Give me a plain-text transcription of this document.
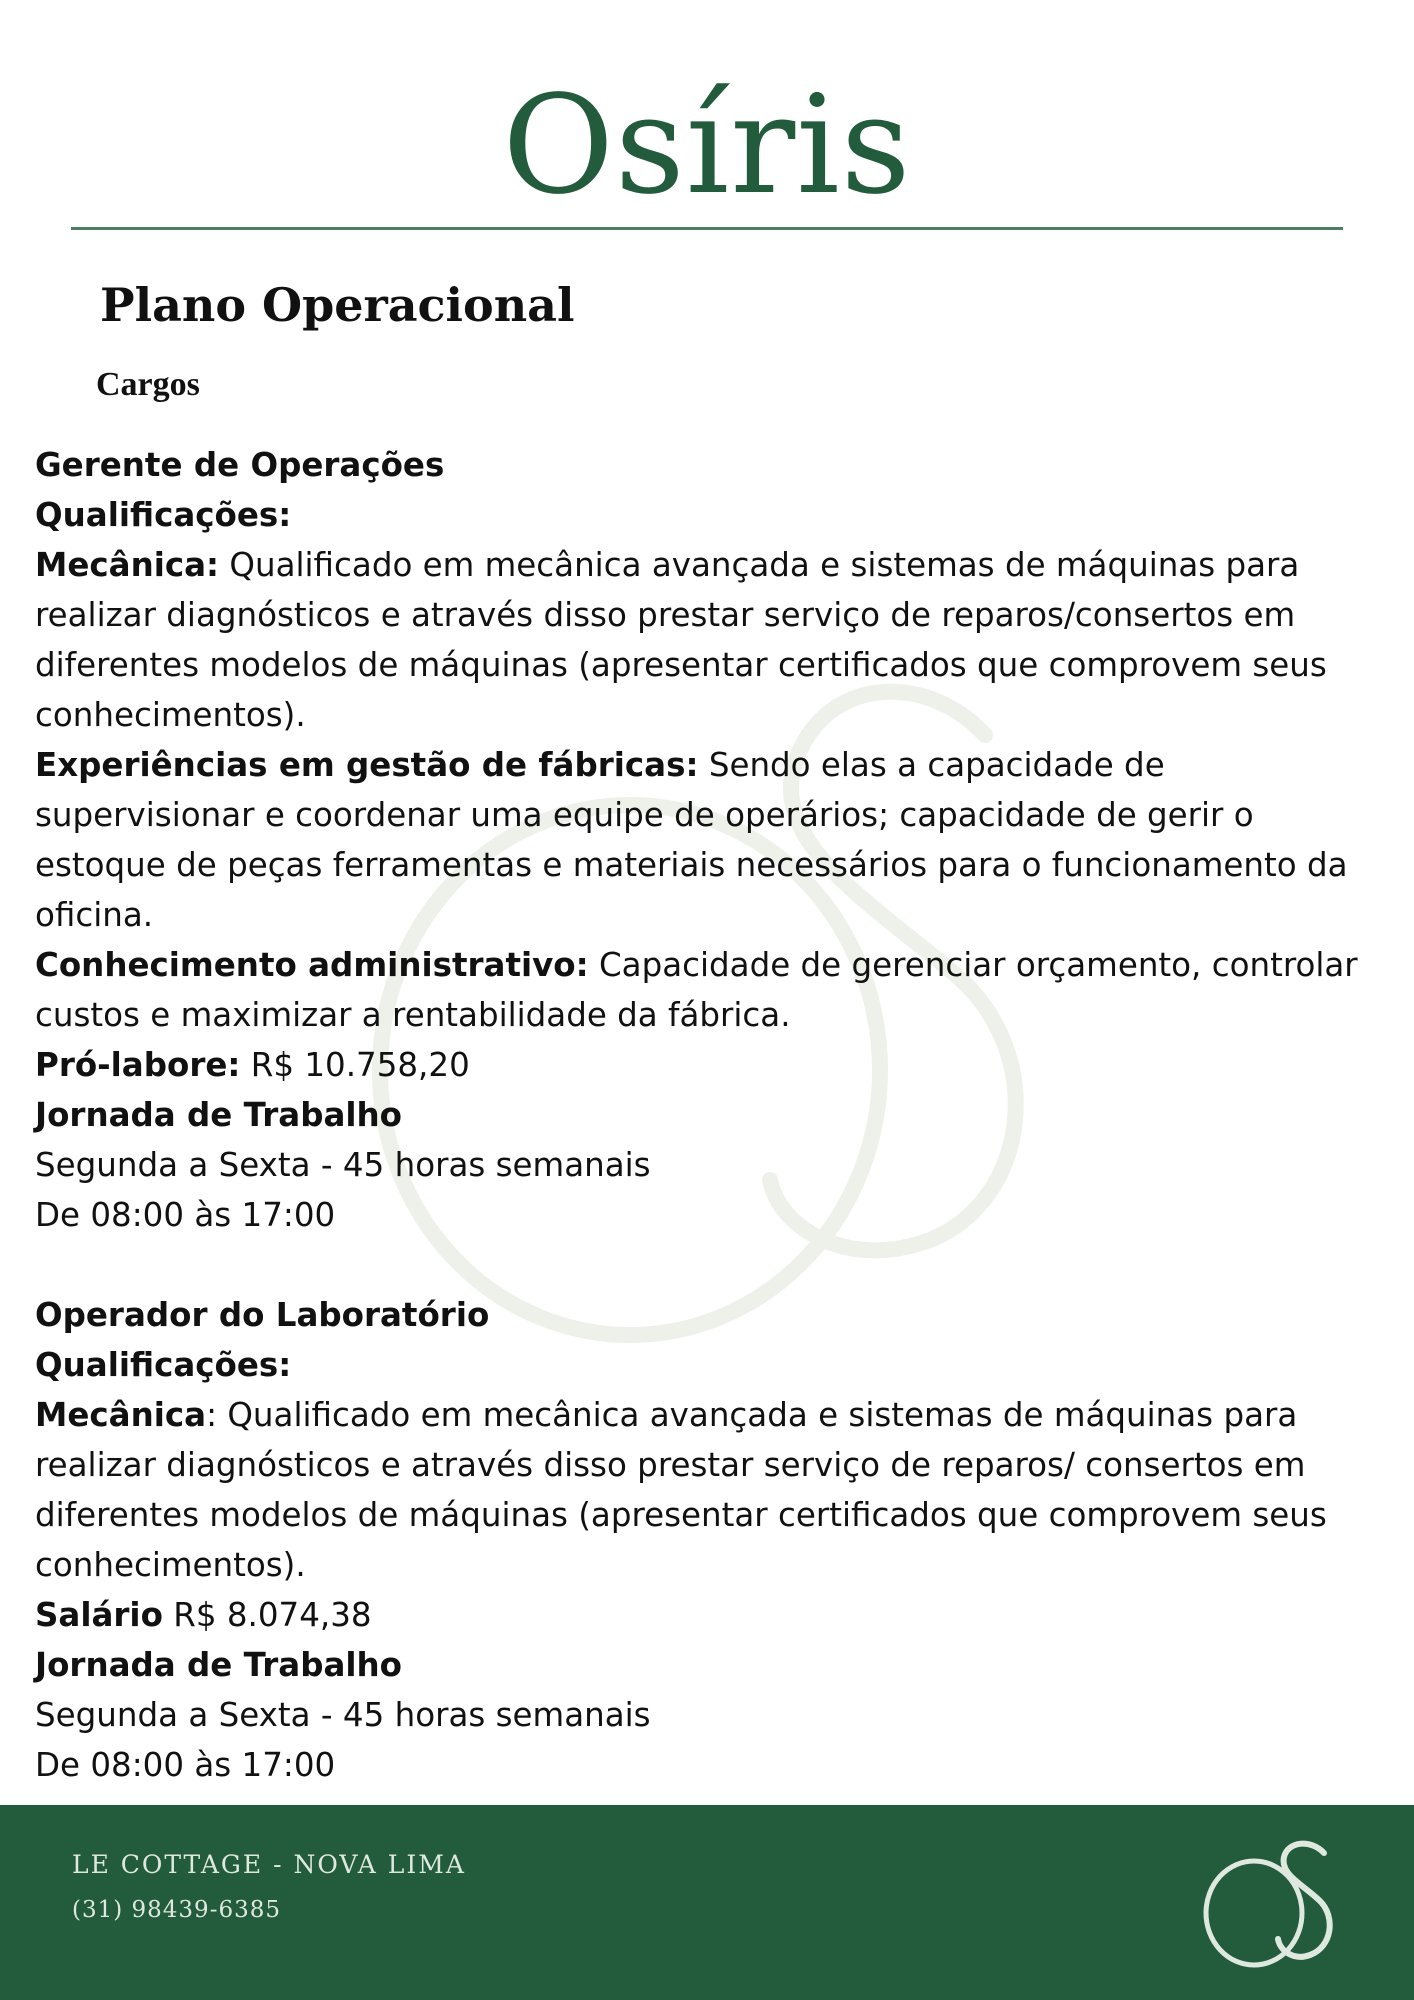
Osíris
Plano Operacional
Cargos

Gerente de Operações

Qualificações:

Mecânica: Qualificado em mecânica avançada e sistemas de máquinas para realizar diagnósticos e através disso prestar serviço de reparos/consertos em diferentes modelos de máquinas (apresentar certificados que comprovem seus conhecimentos).

Experiências em gestão de fábricas: Sendo elas a capacidade de supervisionar e coordenar uma equipe de operários; capacidade de gerir o estoque de peças ferramentas e materiais necessários para o funcionamento da oficina.

Conhecimento administrativo: Capacidade de gerenciar orçamento, controlar custos e maximizar a rentabilidade da fábrica.

Pró-labore: R$ 10.758,20

Jornada de Trabalho

Segunda a Sexta - 45 horas semanais

De 08:00 às 17:00

Operador do Laboratório

Qualificações:

Mecânica: Qualificado em mecânica avançada e sistemas de máquinas para realizar diagnósticos e através disso prestar serviço de reparos/ consertos em diferentes modelos de máquinas (apresentar certificados que comprovem seus conhecimentos).

Salário R$ 8.074,38

Jornada de Trabalho

Segunda a Sexta - 45 horas semanais

De 08:00 às 17:00

LE COTTAGE - NOVA LIMA

(31) 98439-6385
